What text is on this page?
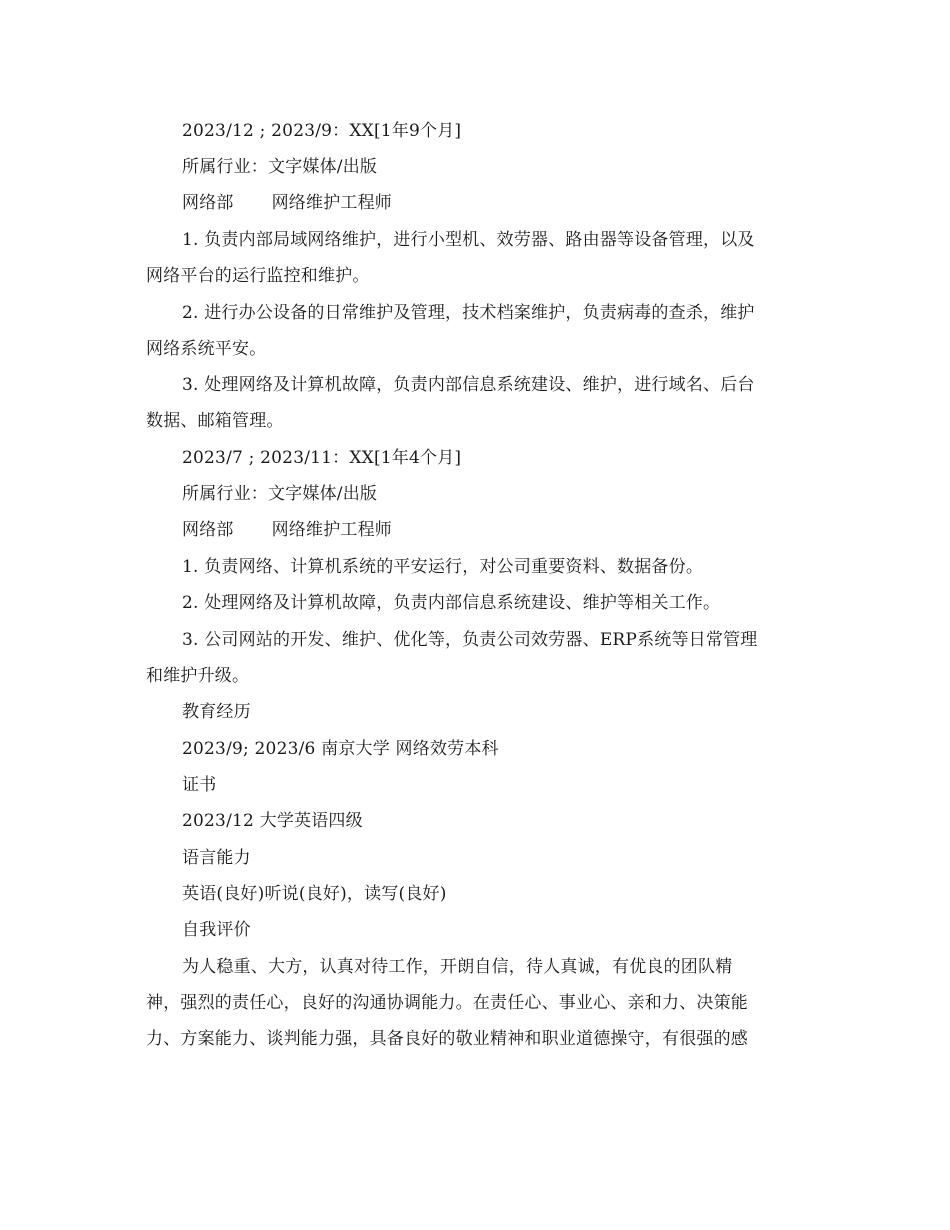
2023/12 ; 2023/9：XX[1年9个月]
所属行业：文字媒体/出版
网络部 网络维护工程师
1. 负责内部局域网络维护，进行小型机、效劳器、路由器等设备管理，以及
网络平台的运行监控和维护。
2. 进行办公设备的日常维护及管理，技术档案维护，负责病毒的查杀，维护
网络系统平安。
3. 处理网络及计算机故障，负责内部信息系统建设、维护，进行域名、后台
数据、邮箱管理。
2023/7 ; 2023/11：XX[1年4个月]
所属行业：文字媒体/出版
网络部 网络维护工程师
1. 负责网络、计算机系统的平安运行，对公司重要资料、数据备份。
2. 处理网络及计算机故障，负责内部信息系统建设、维护等相关工作。
3. 公司网站的开发、维护、优化等，负责公司效劳器、ERP系统等日常管理
和维护升级。
教育经历
2023/9; 2023/6 南京大学 网络效劳本科
证书
2023/12 大学英语四级
语言能力
英语(良好)听说(良好)，读写(良好)
自我评价
为人稳重、大方，认真对待工作，开朗自信，待人真诚，有优良的团队精
神，强烈的责任心，良好的沟通协调能力。在责任心、事业心、亲和力、决策能
力、方案能力、谈判能力强，具备良好的敬业精神和职业道德操守，有很强的感
